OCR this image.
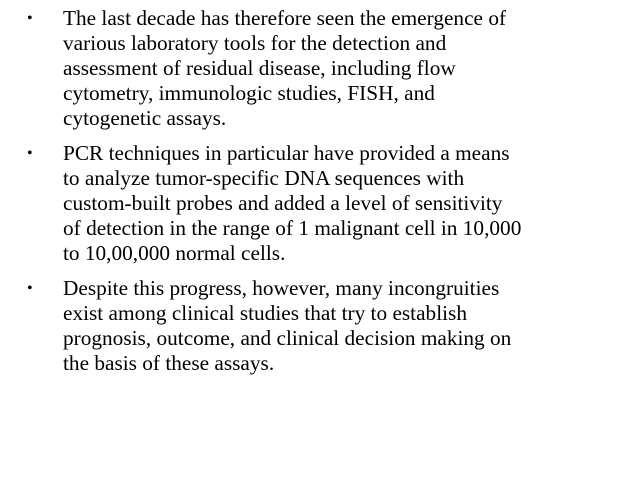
•	The last decade has therefore seen the emergence of
various laboratory tools for the detection and
assessment of residual disease, including flow
cytometry, immunologic studies, FISH, and
cytogenetic assays.
•	PCR techniques in particular have provided a means
to analyze tumor-specific DNA sequences with
custom-built probes and added a level of sensitivity
of detection in the range of 1 malignant cell in 10,000
to 10,00,000 normal cells.
•	Despite this progress, however, many incongruities
exist among clinical studies that try to establish
prognosis, outcome, and clinical decision making on
the basis of these assays.
